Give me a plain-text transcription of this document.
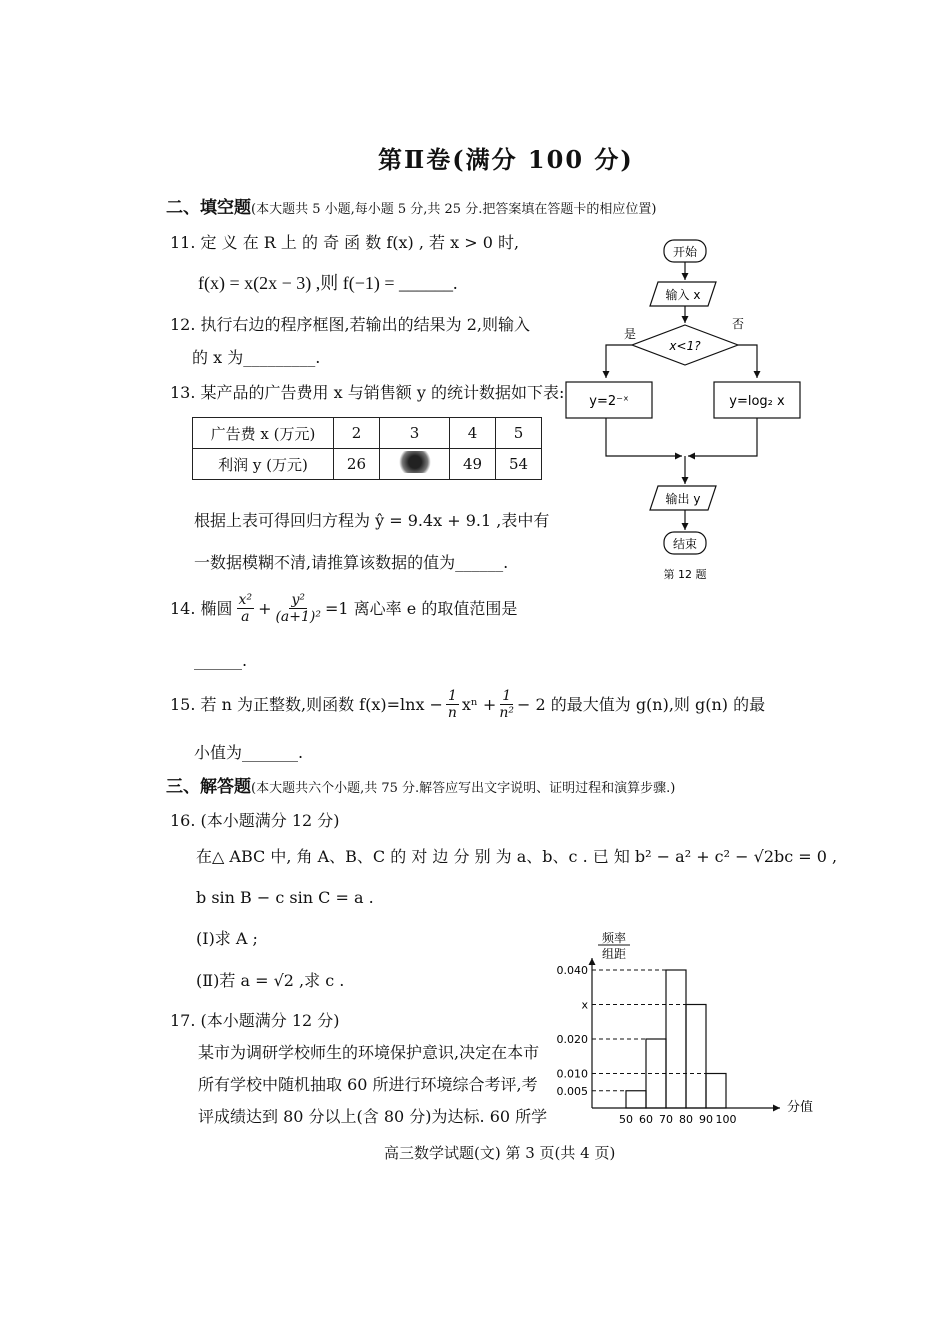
第Ⅱ卷(满分 100 分)
二、填空题(本大题共 5 小题,每小题 5 分,共 25 分.把答案填在答题卡的相应位置)
11. 定 义 在 R 上 的 奇 函 数 f(x) , 若 x > 0 时,
f(x) = x(2x − 3) ,则 f(−1) = ______.
12. 执行右边的程序框图,若输出的结果为 2,则输入
的 x 为_________.
13. 某产品的广告费用 x 与销售额 y 的统计数据如下表:
广告费 x (万元)	2	3	4	5
利润 y (万元)	26		49	54
根据上表可得回归方程为 ŷ = 9.4x + 9.1 ,表中有
一数据模糊不清,请推算该数据的值为______.
14. 椭圆 $\frac{\text{x²}}{a} + \frac{\text{y²}}{\text{(a+1)²}} =1$ 离心率 e 的取值范围是
______.
15. 若 n 为正整数,则函数 $f(x)=\ln x - \frac{1}{n}$ $x^n + \frac{1}{\text{n²}} - 2$ 的最大值为 g(n),则 g(n) 的最
小值为_______.
三、解答题(本大题共六个小题,共 75 分.解答应写出文字说明、证明过程和演算步骤.)
16. (本小题满分 12 分)
在△ ABC 中, 角 A、B、C 的 对 边 分 别 为 a、b、c . 已 知 b² − a² + c² − √2bc = 0 ,
b sin B − c sin C = a .
(Ⅰ)求 A ;
(Ⅱ)若 a = √2 ,求 c .
17. (本小题满分 12 分)
某市为调研学校师生的环境保护意识,决定在本市
所有学校中随机抽取 60 所进行环境综合考评,考
评成绩达到 80 分以上(含 80 分)为达标. 60 所学
开始
输入 x
x<1?
是
否
y=2⁻ˣ	y=log₂ x
输出 y
结束
第 12 题
频率
组距
分值
0.040
x
0.020
0.010
0.005
50 60 70 80 90 100
高三数学试题(文) 第 3 页(共 4 页)
